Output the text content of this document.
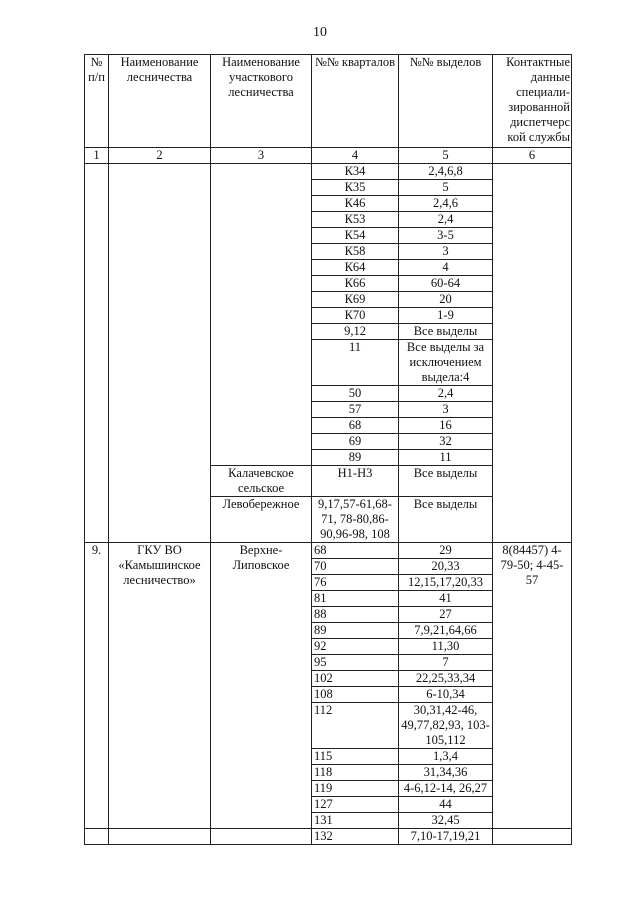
10
№ п/п	Наименование лесничества	Наименование участкового лесничества	№№ кварталов	№№ выделов	Контактные данные специали-зированной диспетчерс кой службы
1	2	3	4	5	6
			К34	2,4,6,8	
			К35	5	
			К46	2,4,6	
			К53	2,4	
			К54	3-5	
			К58	3	
			К64	4	
			К66	60-64	
			К69	20	
			К70	1-9	
			9,12	Все выделы	
			11	Все выделы за исключением выдела:4	
			50	2,4	
			57	3	
			68	16	
			69	32	
			89	11	
		Калачевское сельское	Н1-Н3	Все выделы	
		Левобережное	9,17,57-61,68-71, 78-80,86-90,96-98, 108	Все выделы	
9.	ГКУ ВО «Камышинское лесничество»	Верхне-Липовское	68	29	8(84457) 4-79-50; 4-45-57
			70	20,33	
			76	12,15,17,20,33	
			81	41	
			88	27	
			89	7,9,21,64,66	
			92	11,30	
			95	7	
			102	22,25,33,34	
			108	6-10,34	
			112	30,31,42-46, 49,77,82,93, 103-105,112	
			115	1,3,4	
			118	31,34,36	
			119	4-6,12-14, 26,27	
			127	44	
			131	32,45	
			132	7,10-17,19,21	
